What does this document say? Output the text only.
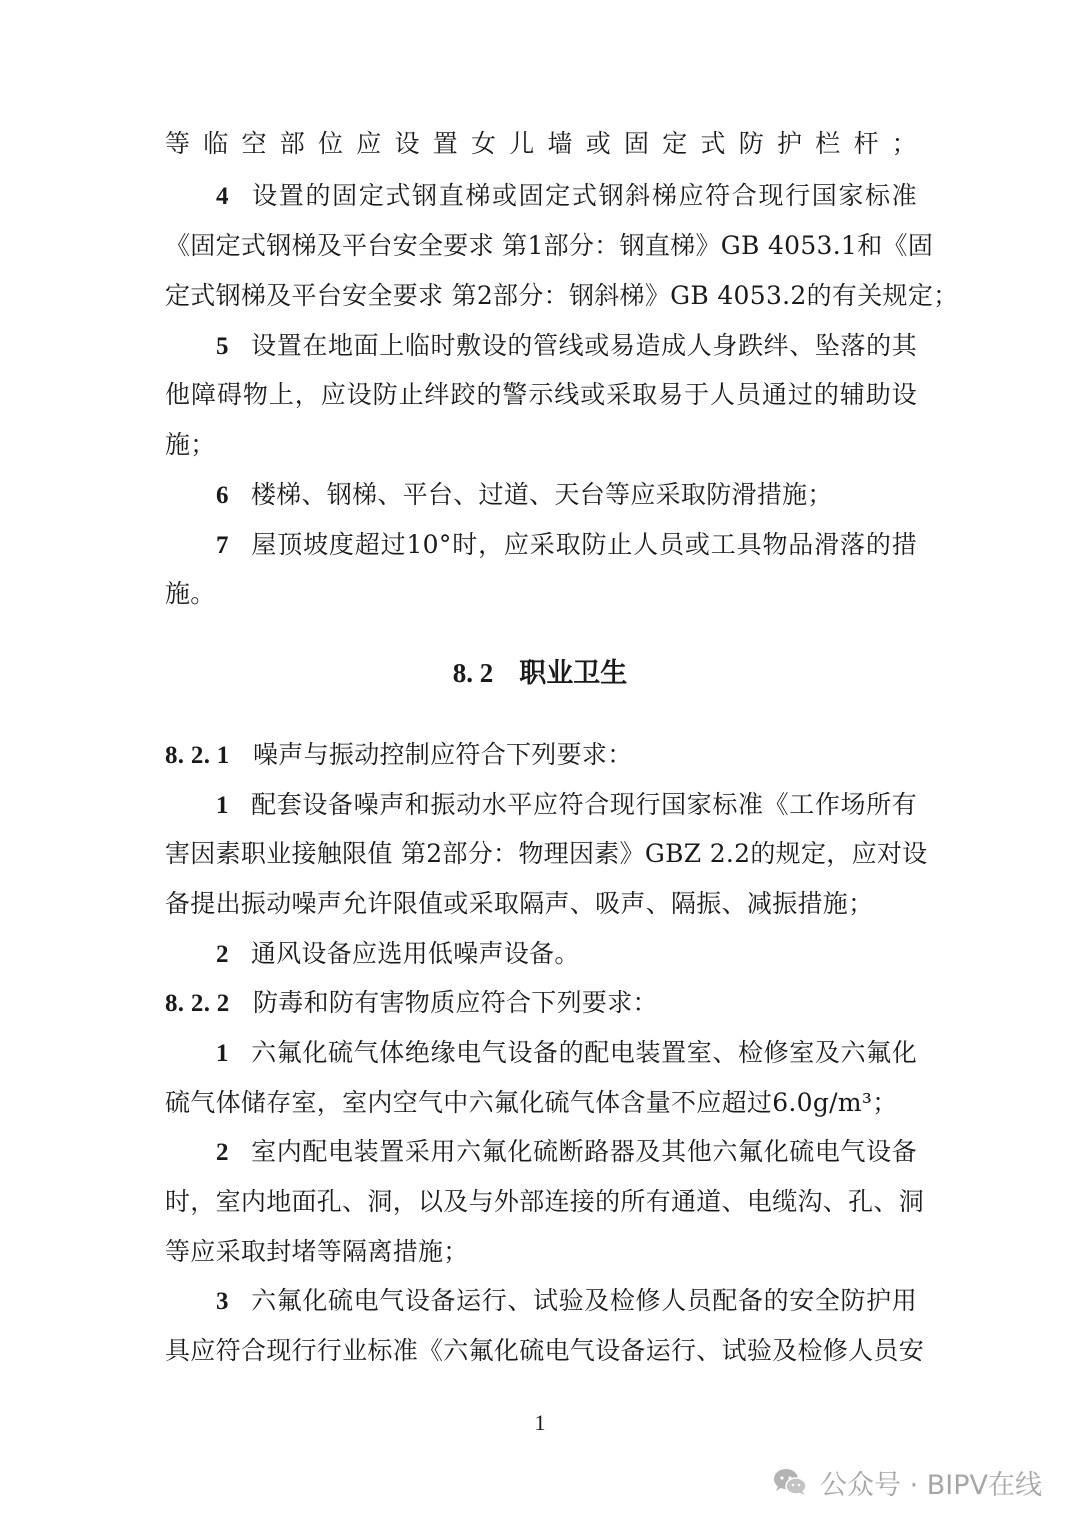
等临空部位应设置女儿墙或固定式防护栏杆；
4 设置的固定式钢直梯或固定式钢斜梯应符合现行国家标准
《固定式钢梯及平台安全要求 第1部分：钢直梯》GB 4053.1和《固
定式钢梯及平台安全要求 第2部分：钢斜梯》GB 4053.2的有关规定；
5 设置在地面上临时敷设的管线或易造成人身跌绊、坠落的其
他障碍物上，应设防止绊跤的警示线或采取易于人员通过的辅助设
施；
6 楼梯、钢梯、平台、过道、天台等应采取防滑措施；
7 屋顶坡度超过10°时，应采取防止人员或工具物品滑落的措
施。
8. 2 职业卫生
8. 2. 1 噪声与振动控制应符合下列要求：
1 配套设备噪声和振动水平应符合现行国家标准《工作场所有
害因素职业接触限值 第2部分：物理因素》GBZ 2.2的规定，应对设
备提出振动噪声允许限值或采取隔声、吸声、隔振、减振措施；
2 通风设备应选用低噪声设备。
8. 2. 2 防毒和防有害物质应符合下列要求：
1 六氟化硫气体绝缘电气设备的配电装置室、检修室及六氟化
硫气体储存室，室内空气中六氟化硫气体含量不应超过6.0g/m³；
2 室内配电装置采用六氟化硫断路器及其他六氟化硫电气设备
时，室内地面孔、洞，以及与外部连接的所有通道、电缆沟、孔、洞
等应采取封堵等隔离措施；
3 六氟化硫电气设备运行、试验及检修人员配备的安全防护用
具应符合现行行业标准《六氟化硫电气设备运行、试验及检修人员安
1
公众号 · BIPV在线
